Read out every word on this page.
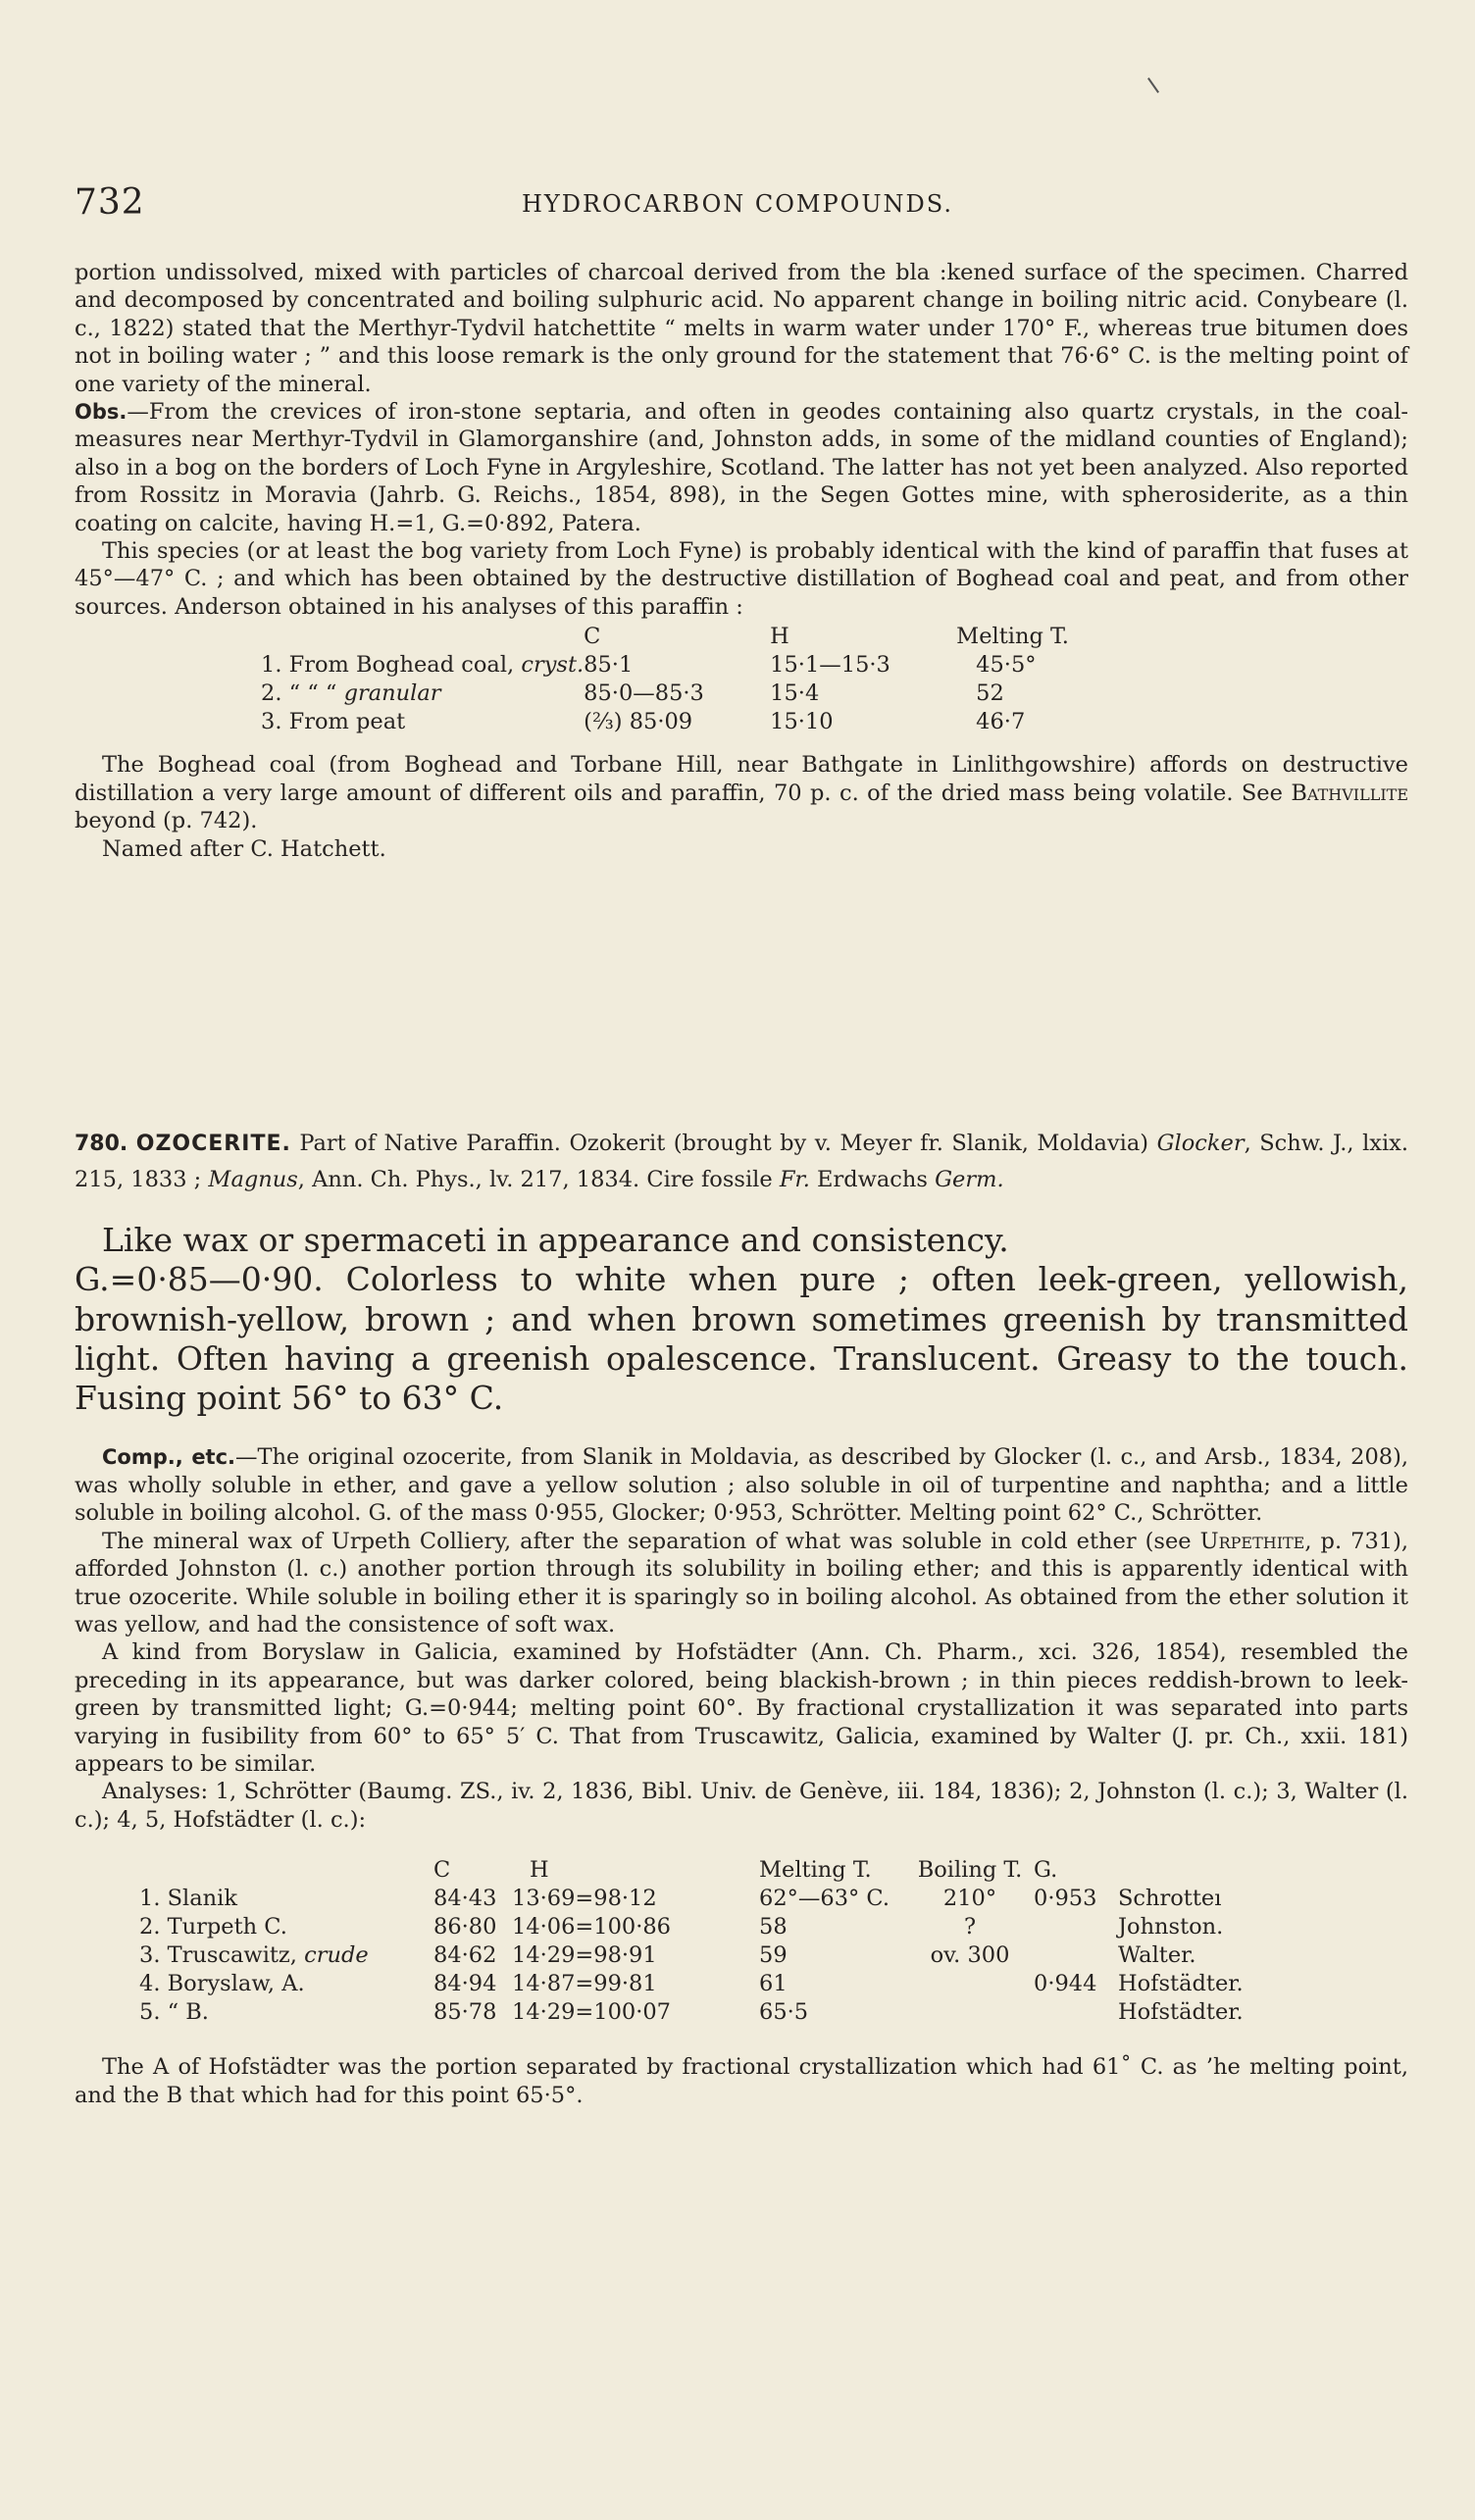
732	HYDROCARBON COMPOUNDS.

portion undissolved, mixed with particles of charcoal derived from the bla :kened surface of thе specimen. Charred and decomposed by concentrated and boiling sulphuric acid. No apparent change in boiling nitric acid. Conybeare (l. c., 1822) stated that the Merthyr-Tydvil hatchettite “ melts in warm water under 170° F., whereas true bitumen does not in boiling water ; ” and this loose remark is the only ground for the statement that 76·6° C. is the melting point of one variety of the mineral.

Obs.—From the crevices of iron-stone septaria, and often in geodes containing also quartz crystals, in the coal-measures near Merthyr-Tydvil in Glamorganshire (and, Johnston adds, in some of the midland counties of England); also in a bog on the borders of Loch Fyne in Argyleshire, Scotland. The latter has not yet been analyzed. Also reported from Rossitz in Moravia (Jahrb. G. Reichs., 1854, 898), in the Segen Gottes mine, with spherosiderite, as a thin coating on calcite, having H.=1, G.=0·892, Patera.

This species (or at least the bog variety from Loch Fyne) is probably identical with the kind of paraffin that fuses at 45°—47° C. ; and which has been obtained by the destructive distillation of Boghead coal and peat, and from other sources. Anderson obtained in his analyses of this paraffin :

	C	H	Melting T.
1. From Boghead coal, cryst.	85·1	15·1—15·3	45·5°
2. “ “ “ granular	85·0—85·3	15·4	52
3. From peat	(⅔) 85·09	15·10	46·7

The Boghead coal (from Boghead and Torbane Hill, near Bathgate in Linlithgowshire) affords on destructive distillation a very large amount of different oils and paraffin, 70 p. c. of the dried mass being volatile. See Bathvillite beyond (p. 742).

Named after C. Hatchett.

780. OZOCERITE. Part of Native Paraffin. Ozokerit (brought by v. Meyer fr. Slanik, Moldavia) Glocker, Schw. J., lxix. 215, 1833 ; Magnus, Ann. Ch. Phys., lv. 217, 1834. Cire fossile Fr. Erdwachs Germ.

Like wax or spermaceti in appearance and consistency.

G.=0·85—0·90. Colorless to white when pure ; often leek-green, yellowish, brownish-yellow, brown ; and when brown sometimes greenish by transmitted light. Often having a greenish opalescence. Translucent. Greasy to the touch. Fusing point 56° to 63° C.

Comp., etc.—The original ozocerite, from Slanik in Moldavia, as described by Glocker (l. c., and Arsb., 1834, 208), was wholly soluble in ether, and gave a yellow solution ; also soluble in oil of turpentine and naphtha; and a little soluble in boiling alcohol. G. of the mass 0·955, Glocker; 0·953, Schrötter. Melting point 62° C., Schrötter.

The mineral wax of Urpeth Colliery, after the separation of what was soluble in cold ether (see Urpethite, p. 731), afforded Johnston (l. c.) another portion through its solubility in boiling ether; and this is apparently identical with true ozocerite. While soluble in boiling ether it is sparingly so in boiling alcohol. As obtained from the ether solution it was yellow, and had the consistence of soft wax.

A kind from Boryslaw in Galicia, examined by Hofstädter (Ann. Ch. Pharm., xci. 326, 1854), resembled the preceding in its appearance, but was darker colored, being blackish-brown ; in thin pieces reddish-brown to leek-green by transmitted light; G.=0·944; melting point 60°. By fractional crystallization it was separated into parts varying in fusibility from 60° to 65° 5′ C. That from Truscawitz, Galicia, examined by Walter (J. pr. Ch., xxii. 181) appears to be similar.

Analyses: 1, Schrötter (Baumg. ZS., iv. 2, 1836, Bibl. Univ. de Genève, iii. 184, 1836); 2, Johnston (l. c.); 3, Walter (l. c.); 4, 5, Hofstädter (l. c.):

	C	H	Melting T.	Boiling T.	G.	
1. Slanik	84·43	13·69=98·12	62°—63° C.	210°	0·953	Schrotteı
2. Turpeth C.	86·80	14·06=100·86	58	?		Johnston.
3. Truscawitz, crude	84·62	14·29=98·91	59	ov. 300		Walter.
4. Boryslaw, A.	84·94	14·87=99·81	61		0·944	Hofstädter.
5. “ B.	85·78	14·29=100·07	65·5			Hofstädter.

The A of Hofstädter was the portion separated by fractional crystallization which had 61˚ C. as ’he melting point, and the B that which had for this point 65·5°.
